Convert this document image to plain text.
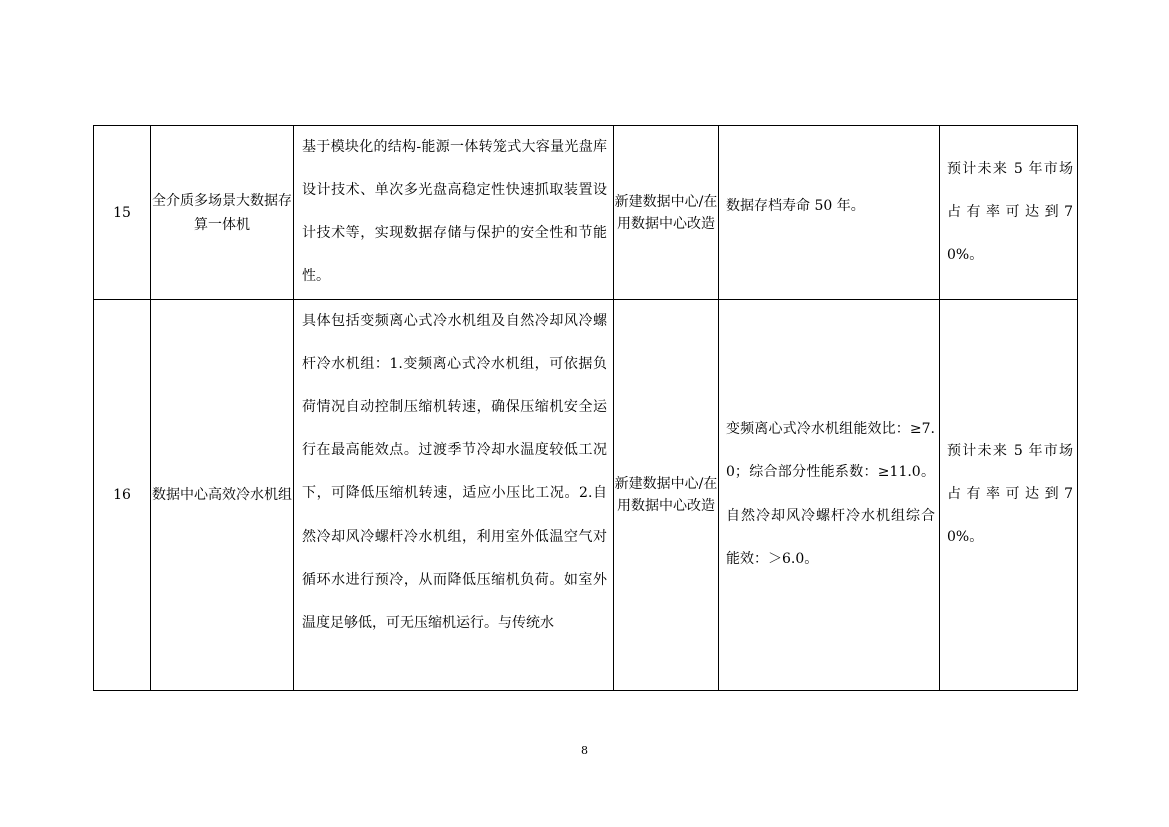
15	全介质多场景大数据存算一体机	基于模块化的结构-能源一体转笼式大容量光盘库设计技术、单次多光盘高稳定性快速抓取装置设计技术等，实现数据存储与保护的安全性和节能性。	新建数据中心/在用数据中心改造	数据存档寿命 50 年。	预计未来 5 年市场占有率可达到70%。

16	数据中心高效冷水机组	具体包括变频离心式冷水机组及自然冷却风冷螺杆冷水机组：1.变频离心式冷水机组，可依据负荷情况自动控制压缩机转速，确保压缩机安全运行在最高能效点。过渡季节冷却水温度较低工况下，可降低压缩机转速，适应小压比工况。2.自然冷却风冷螺杆冷水机组，利用室外低温空气对循环水进行预冷，从而降低压缩机负荷。如室外温度足够低，可无压缩机运行。与传统水	新建数据中心/在用数据中心改造	变频离心式冷水机组能效比：≥7.0；综合部分性能系数：≥11.0。自然冷却风冷螺杆冷水机组综合能效：＞6.0。	预计未来 5 年市场占有率可达到70%。
8
